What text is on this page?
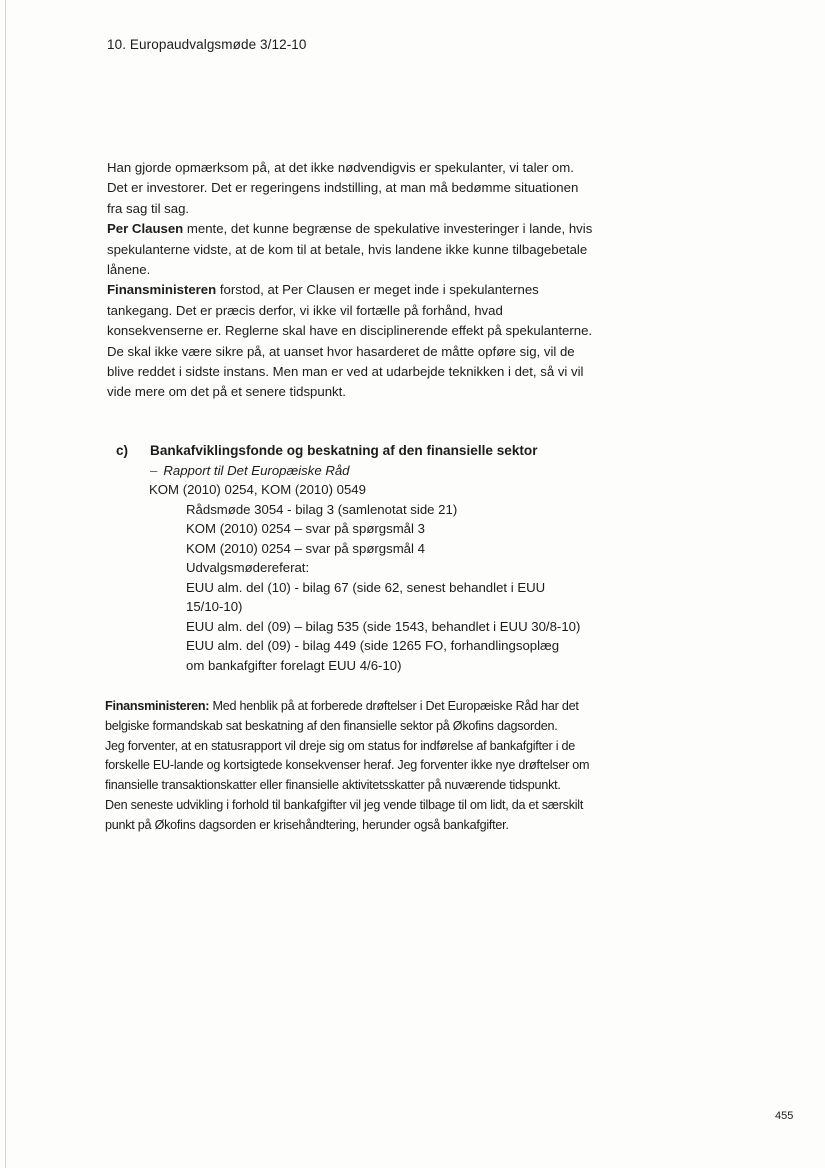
10. Europaudvalgsmøde 3/12-10

Han gjorde opmærksom på, at det ikke nødvendigvis er spekulanter, vi taler om. Det er investorer. Det er regeringens indstilling, at man må bedømme situationen fra sag til sag.

Per Clausen mente, det kunne begrænse de spekulative investeringer i lande, hvis spekulanterne vidste, at de kom til at betale, hvis landene ikke kunne tilbagebetale lånene.

Finansministeren forstod, at Per Clausen er meget inde i spekulanternes tankegang. Det er præcis derfor, vi ikke vil fortælle på forhånd, hvad konsekvenserne er. Reglerne skal have en disciplinerende effekt på spekulanterne. De skal ikke være sikre på, at uanset hvor hasarderet de måtte opføre sig, vil de blive reddet i sidste instans. Men man er ved at udarbejde teknikken i det, så vi vil vide mere om det på et senere tidspunkt.

c) Bankafviklingsfonde og beskatning af den finansielle sektor
– Rapport til Det Europæiske Råd
KOM (2010) 0254, KOM (2010) 0549
Rådsmøde 3054 - bilag 3 (samlenotat side 21)
KOM (2010) 0254 – svar på spørgsmål 3
KOM (2010) 0254 – svar på spørgsmål 4
Udvalgsmødereferat:
EUU alm. del (10) - bilag 67 (side 62, senest behandlet i EUU
15/10-10)
EUU alm. del (09) – bilag 535 (side 1543, behandlet i EUU 30/8-10)
EUU alm. del (09) - bilag 449 (side 1265 FO, forhandlingsoplæg
om bankafgifter forelagt EUU 4/6-10)

Finansministeren: Med henblik på at forberede drøftelser i Det Europæiske Råd har det belgiske formandskab sat beskatning af den finansielle sektor på Økofins dagsorden.

Jeg forventer, at en statusrapport vil dreje sig om status for indførelse af bankafgifter i de forskelle EU-lande og kortsigtede konsekvenser heraf. Jeg forventer ikke nye drøftelser om finansielle transaktionskatter eller finansielle aktivitetsskatter på nuværende tidspunkt.

Den seneste udvikling i forhold til bankafgifter vil jeg vende tilbage til om lidt, da et særskilt punkt på Økofins dagsorden er krisehåndtering, herunder også bankafgifter.

455
